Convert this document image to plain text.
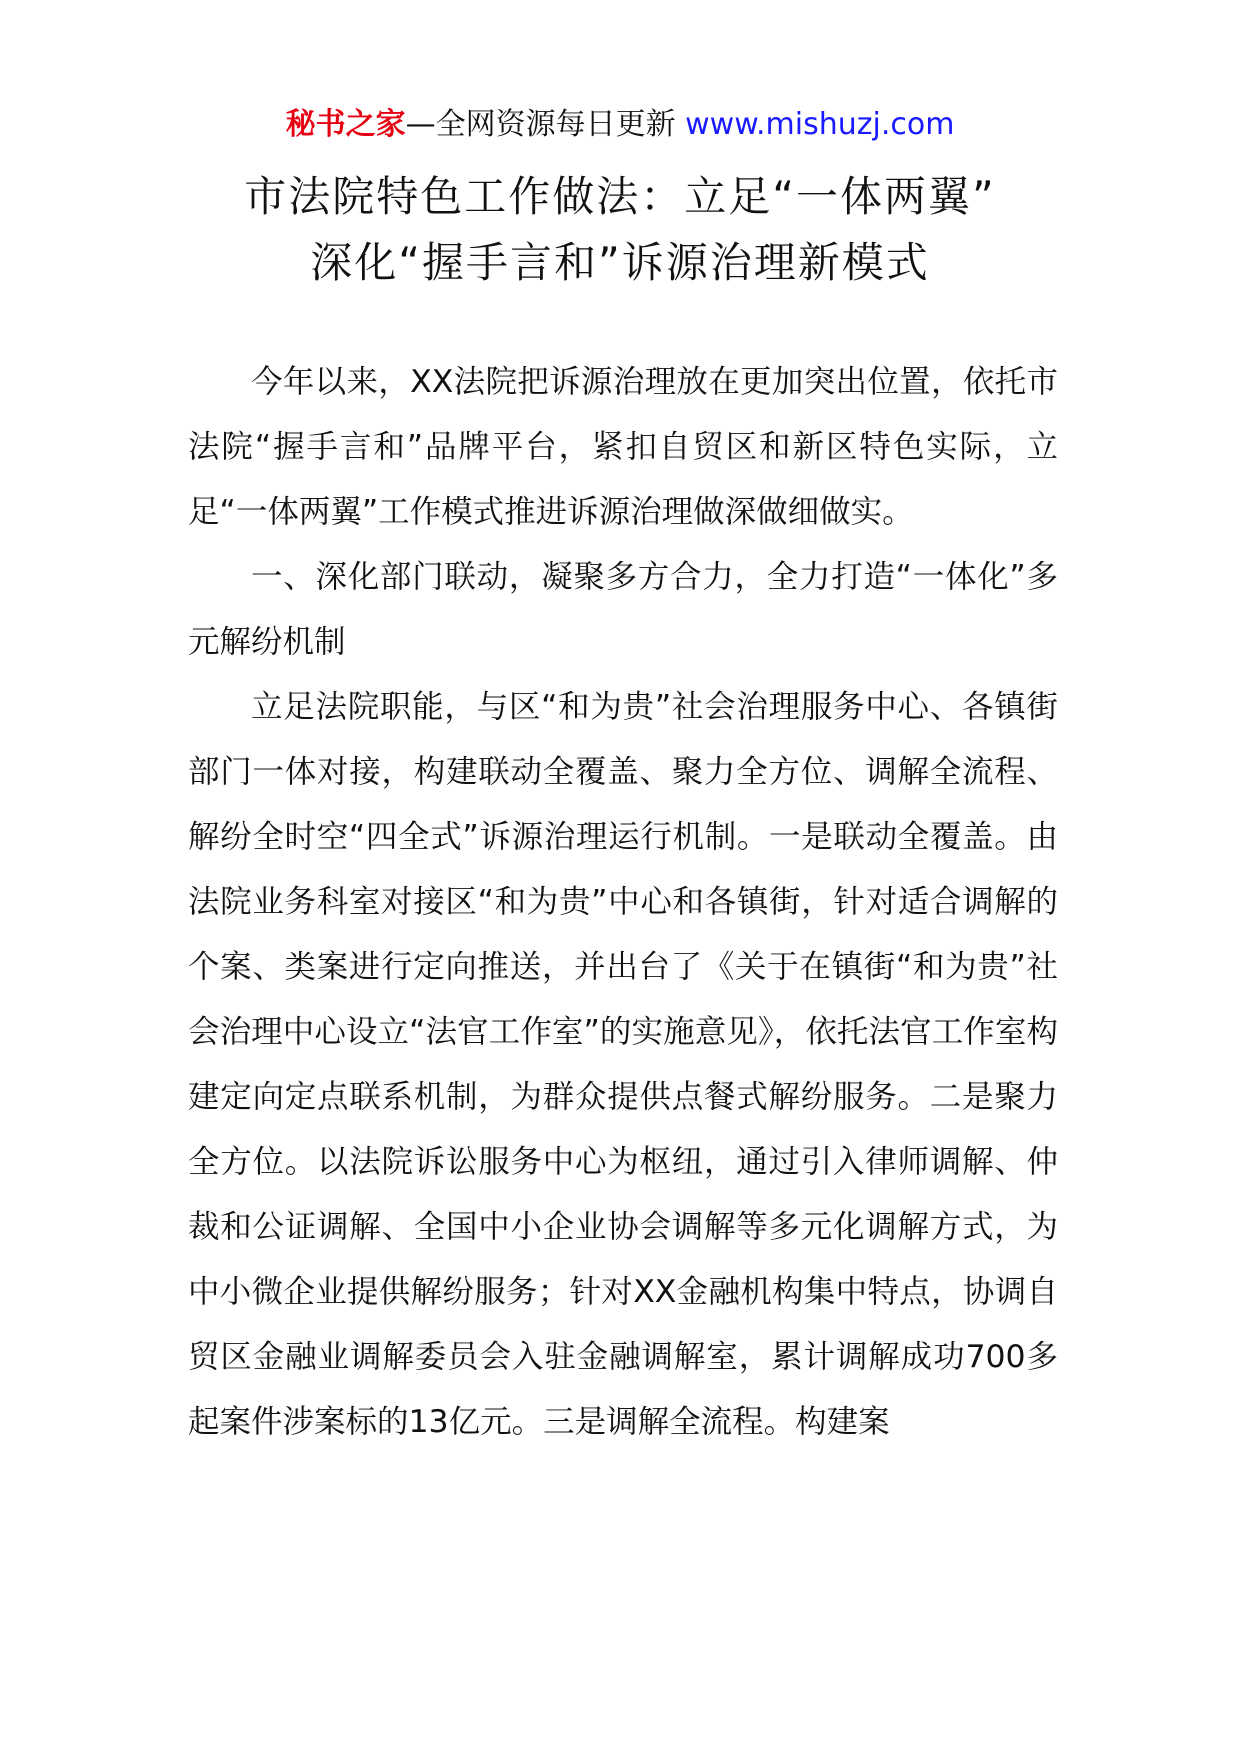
秘书之家—全网资源每日更新 www.mishuzj.com
市法院特色工作做法：立足“一体两翼”
深化“握手言和”诉源治理新模式

今年以来，XX法院把诉源治理放在更加突出位置，依托市法院“握手言和”品牌平台，紧扣自贸区和新区特色实际，立足“一体两翼”工作模式推进诉源治理做深做细做实。

一、深化部门联动，凝聚多方合力，全力打造“一体化”多元解纷机制

立足法院职能，与区“和为贵”社会治理服务中心、各镇街部门一体对接，构建联动全覆盖、聚力全方位、调解全流程、解纷全时空“四全式”诉源治理运行机制。一是联动全覆盖。由法院业务科室对接区“和为贵”中心和各镇街，针对适合调解的个案、类案进行定向推送，并出台了《关于在镇街“和为贵”社会治理中心设立“法官工作室”的实施意见》，依托法官工作室构建定向定点联系机制，为群众提供点餐式解纷服务。二是聚力全方位。以法院诉讼服务中心为枢纽，通过引入律师调解、仲裁和公证调解、全国中小企业协会调解等多元化调解方式，为中小微企业提供解纷服务；针对XX金融机构集中特点，协调自贸区金融业调解委员会入驻金融调解室，累计调解成功700多起案件涉案标的13亿元。三是调解全流程。构建案
